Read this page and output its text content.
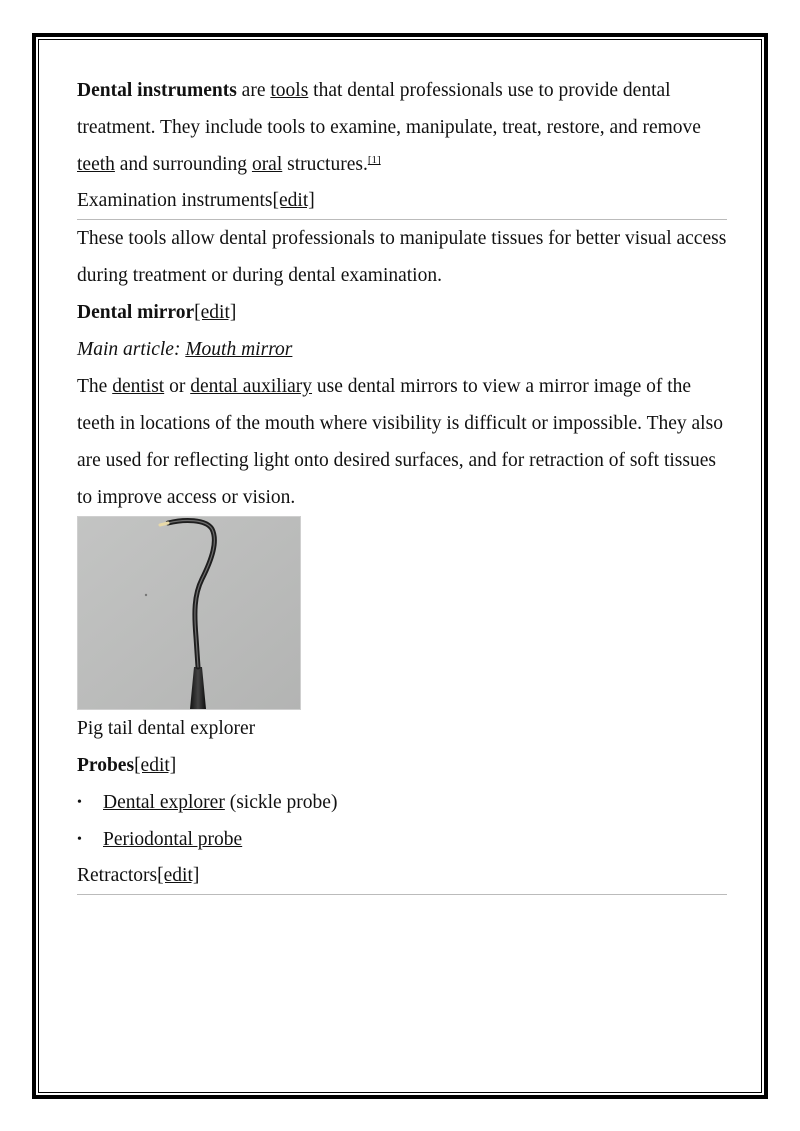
Dental instruments are tools that dental professionals use to provide dental treatment. They include tools to examine, manipulate, treat, restore, and remove teeth and surrounding oral structures.[1]

Examination instruments[edit]

These tools allow dental professionals to manipulate tissues for better visual access during treatment or during dental examination.

Dental mirror[edit]
Main article: Mouth mirror

The dentist or dental auxiliary use dental mirrors to view a mirror image of the teeth in locations of the mouth where visibility is difficult or impossible. They also are used for reflecting light onto desired surfaces, and for retraction of soft tissues to improve access or vision.

Pig tail dental explorer
Probes[edit]
• Dental explorer (sickle probe)
• Periodontal probe
Retractors[edit]
